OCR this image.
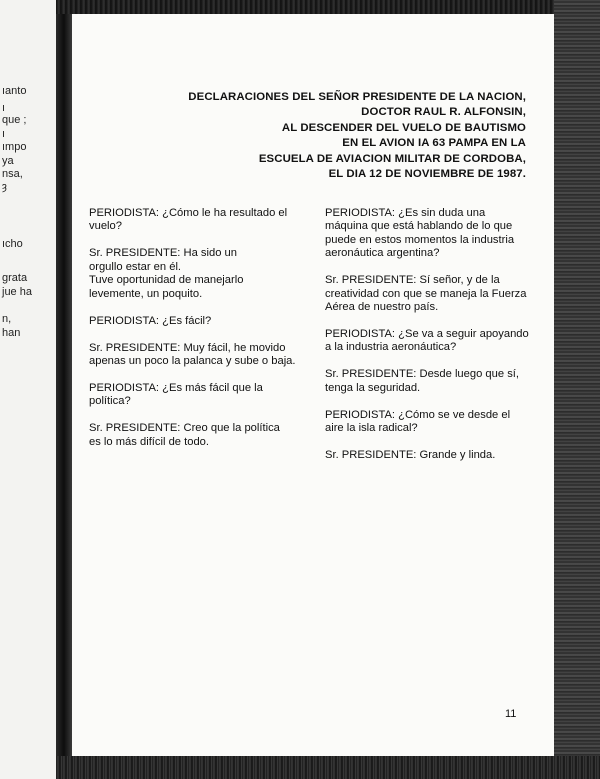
ıanto
ı
que ;
ı
ımpo
ya
nsa,
ȝ
ıcho
grata
jue ha
n,
han
DECLARACIONES DEL SEÑOR PRESIDENTE DE LA NACION,
DOCTOR RAUL R. ALFONSIN,
AL DESCENDER DEL VUELO DE BAUTISMO
EN EL AVION IA 63 PAMPA EN LA
ESCUELA DE AVIACION MILITAR DE CORDOBA,
EL DIA 12 DE NOVIEMBRE DE 1987.
PERIODISTA: ¿Cómo le ha resultado el
vuelo?
Sr. PRESIDENTE: Ha sido un
orgullo estar en él.
Tuve oportunidad de manejarlo
levemente, un poquito.
PERIODISTA: ¿Es fácil?
Sr. PRESIDENTE: Muy fácil, he movido
apenas un poco la palanca y sube o baja.
PERIODISTA: ¿Es más fácil que la
política?
Sr. PRESIDENTE: Creo que la política
es lo más difícil de todo.
PERIODISTA: ¿Es sin duda una
máquina que está hablando de lo que
puede en estos momentos la industria
aeronáutica argentina?
Sr. PRESIDENTE: Sí señor, y de la
creatividad con que se maneja la Fuerza
Aérea de nuestro país.
PERIODISTA: ¿Se va a seguir apoyando
a la industria aeronáutica?
Sr. PRESIDENTE: Desde luego que sí,
tenga la seguridad.
PERIODISTA: ¿Cómo se ve desde el
aire la isla radical?
Sr. PRESIDENTE: Grande y linda.
11
